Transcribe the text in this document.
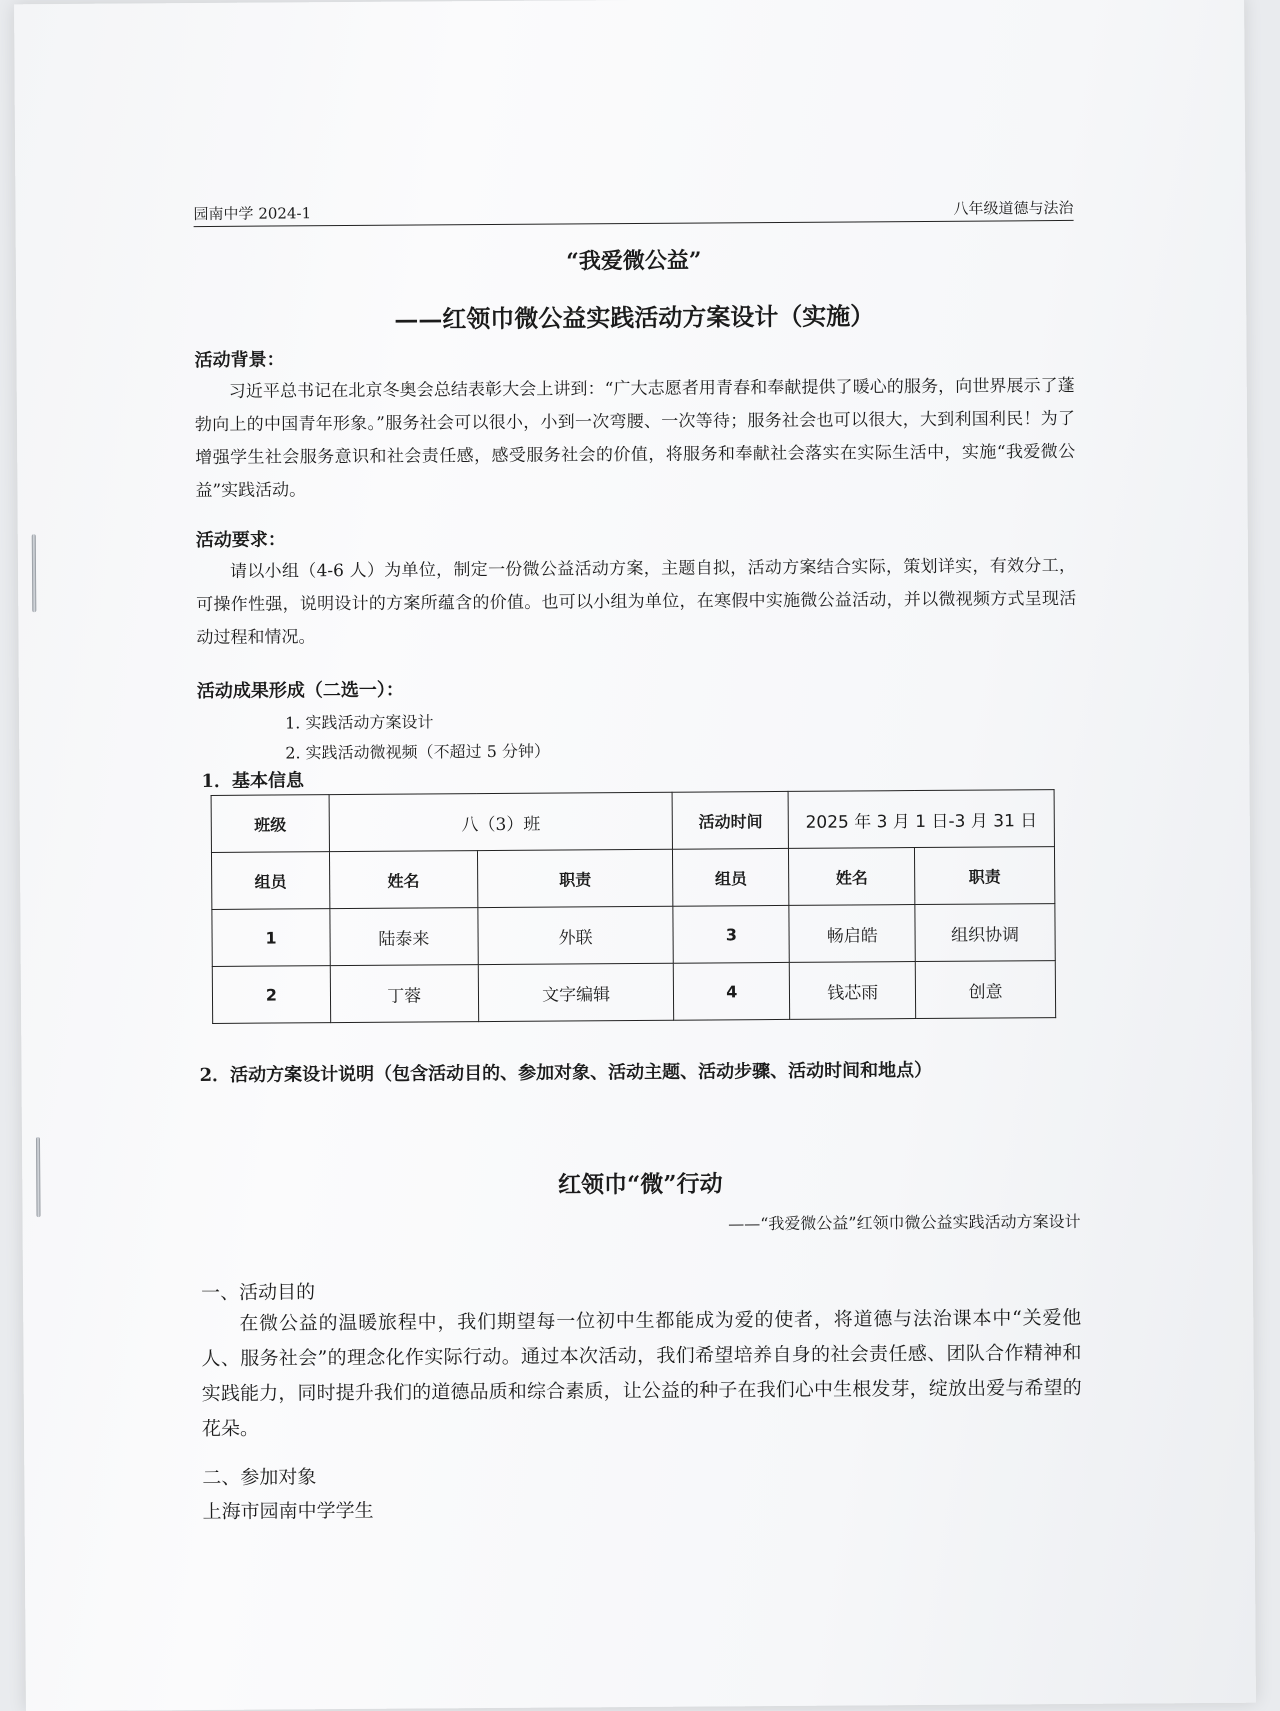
园南中学 2024-1	八年级道德与法治
“我爱微公益”
——红领巾微公益实践活动方案设计（实施）
活动背景：
习近平总书记在北京冬奥会总结表彰大会上讲到：“广大志愿者用青春和奉献提供了暖心的服务，向世界展示了蓬勃向上的中国青年形象。”服务社会可以很小，小到一次弯腰、一次等待；服务社会也可以很大，大到利国利民！为了增强学生社会服务意识和社会责任感，感受服务社会的价值，将服务和奉献社会落实在实际生活中，实施“我爱微公益”实践活动。
活动要求：
请以小组（4-6 人）为单位，制定一份微公益活动方案，主题自拟，活动方案结合实际，策划详实，有效分工，可操作性强，说明设计的方案所蕴含的价值。也可以小组为单位，在寒假中实施微公益活动，并以微视频方式呈现活动过程和情况。
活动成果形成（二选一）：
1. 实践活动方案设计
2. 实践活动微视频（不超过 5 分钟）
1．基本信息
班级	八（3）班		活动时间	2025 年 3 月 1 日-3 月 31 日	
组员	姓名	职责	组员	姓名	职责
1	陆泰来	外联	3	畅启皓	组织协调
2	丁蓉	文字编辑	4	钱芯雨	创意
2．活动方案设计说明（包含活动目的、参加对象、活动主题、活动步骤、活动时间和地点）
红领巾“微”行动
——“我爱微公益”红领巾微公益实践活动方案设计
一、活动目的
在微公益的温暖旅程中，我们期望每一位初中生都能成为爱的使者，将道德与法治课本中“关爱他人、服务社会”的理念化作实际行动。通过本次活动，我们希望培养自身的社会责任感、团队合作精神和实践能力，同时提升我们的道德品质和综合素质，让公益的种子在我们心中生根发芽，绽放出爱与希望的花朵。
二、参加对象
上海市园南中学学生
